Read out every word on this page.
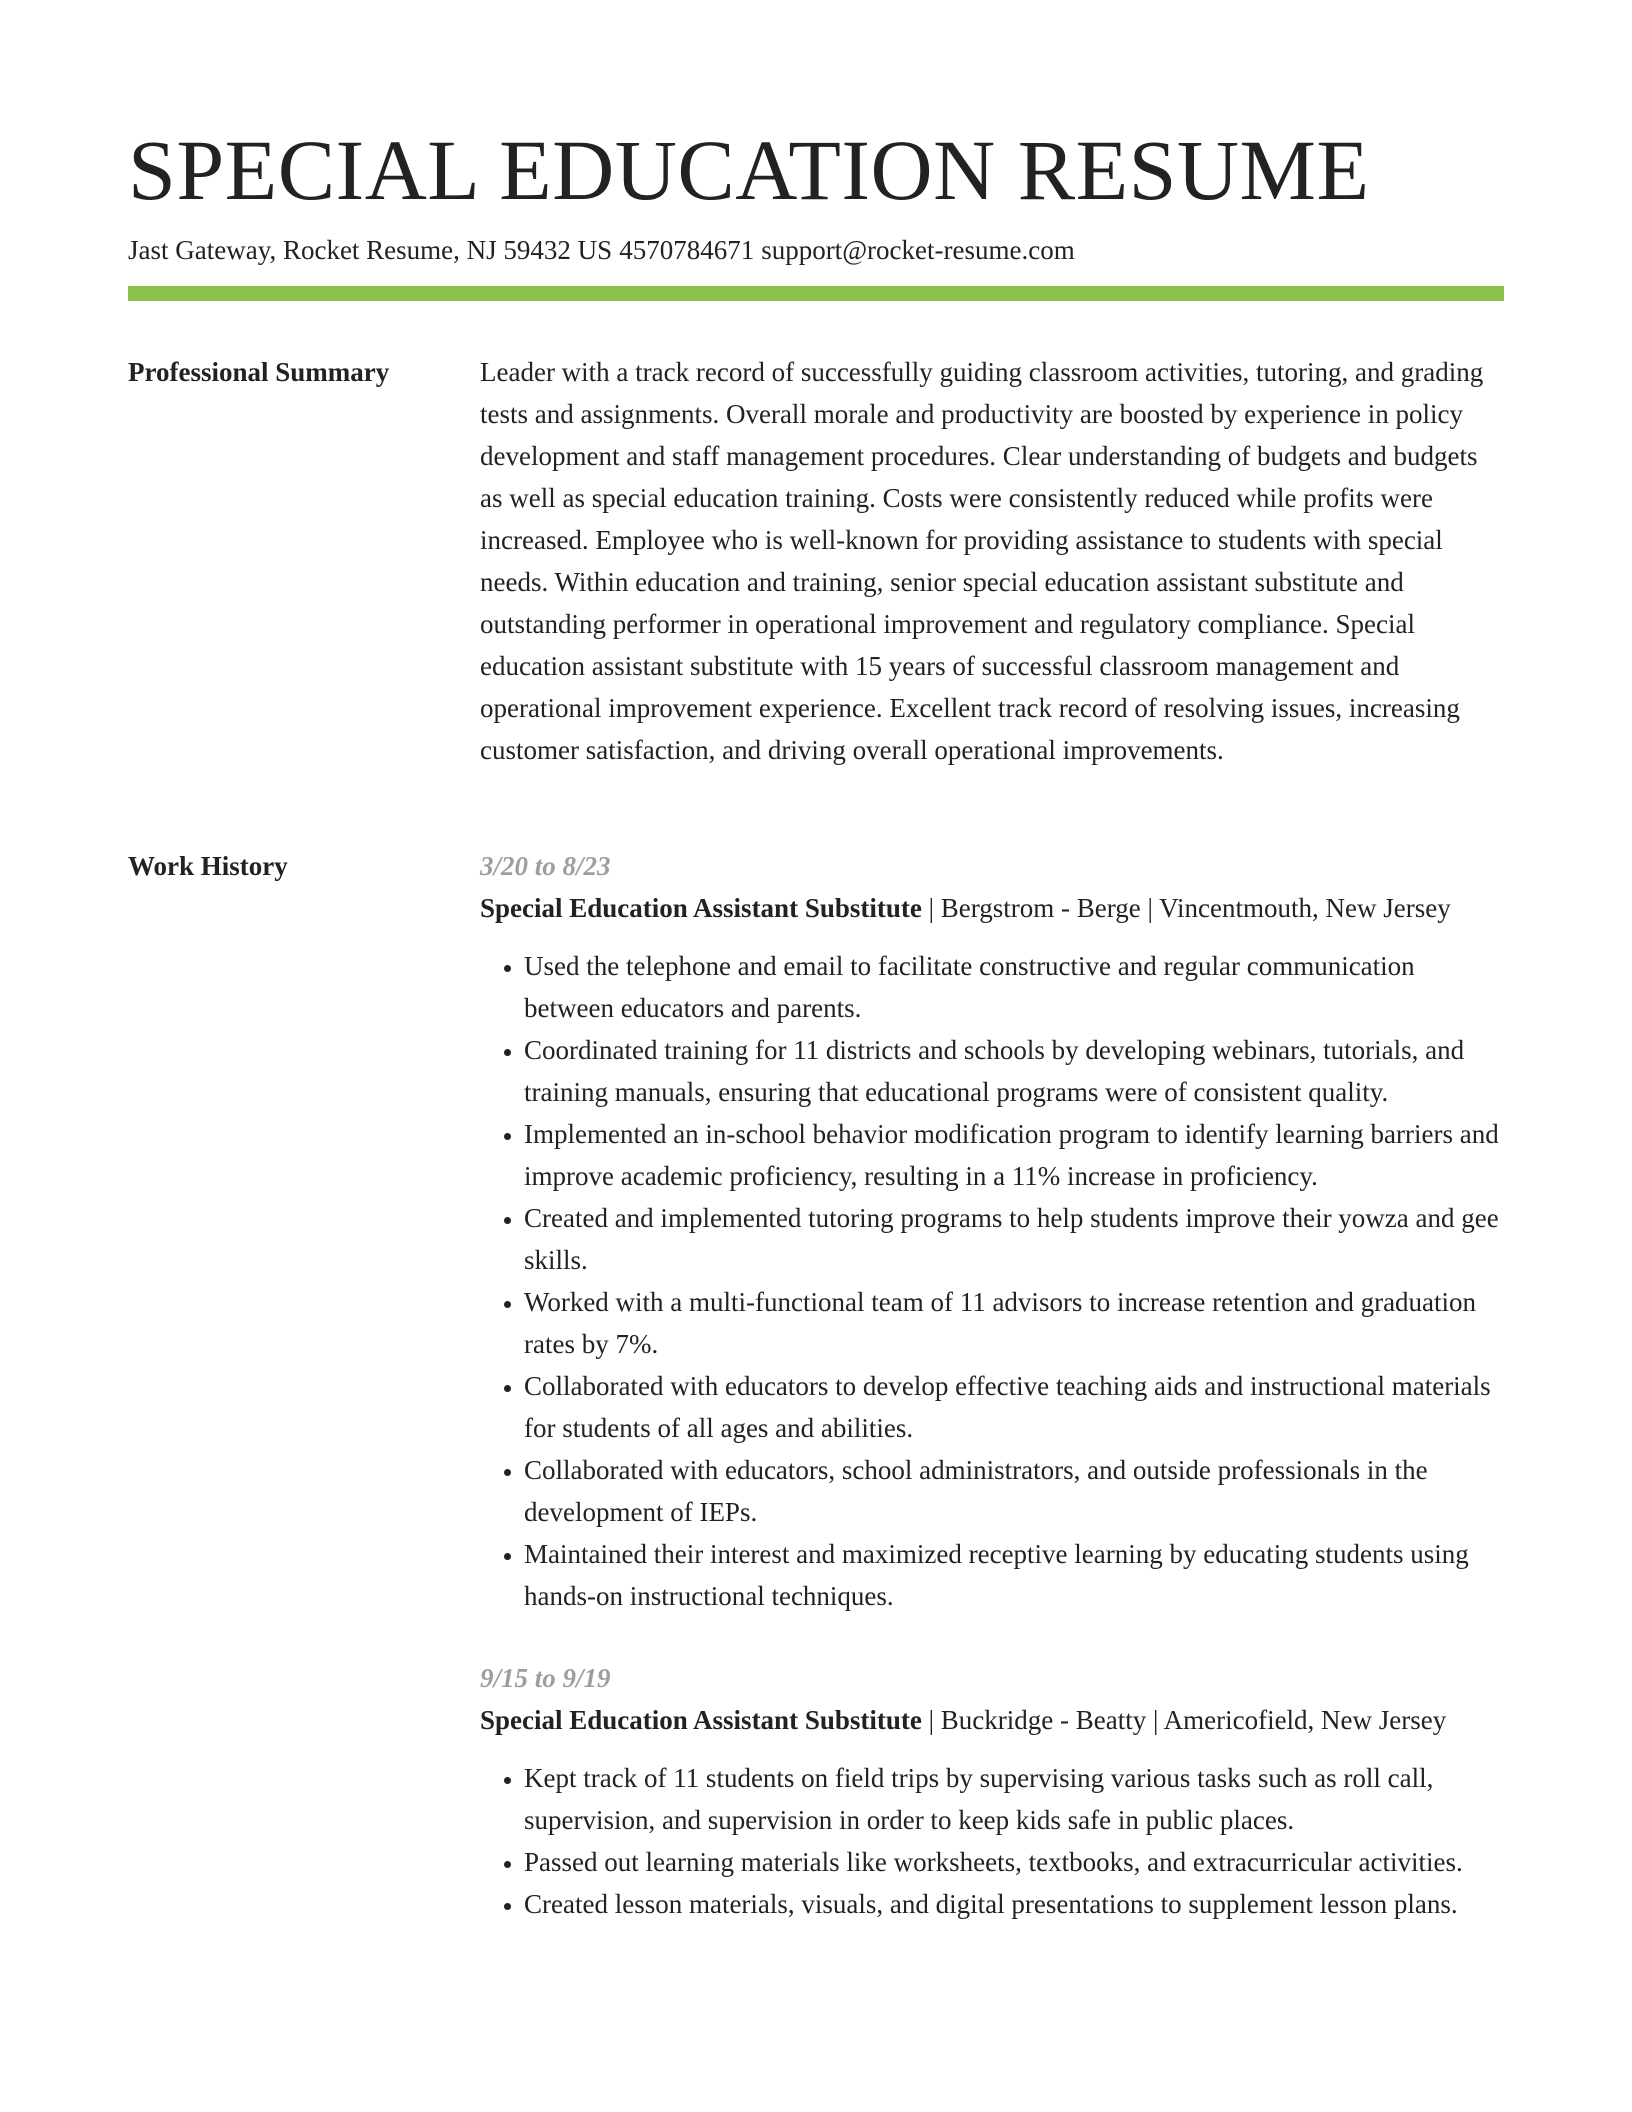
SPECIAL EDUCATION RESUME
Jast Gateway, Rocket Resume, NJ 59432 US 4570784671 support@rocket-resume.com
Professional Summary	Leader with a track record of successfully guiding classroom activities, tutoring, and grading tests and assignments. Overall morale and productivity are boosted by experience in policy development and staff management procedures. Clear understanding of budgets and budgets as well as special education training. Costs were consistently reduced while profits were increased. Employee who is well-known for providing assistance to students with special needs. Within education and training, senior special education assistant substitute and outstanding performer in operational improvement and regulatory compliance. Special education assistant substitute with 15 years of successful classroom management and operational improvement experience. Excellent track record of resolving issues, increasing customer satisfaction, and driving overall operational improvements.

Work History	3/20 to 8/23
Special Education Assistant Substitute | Bergstrom - Berge | Vincentmouth, New Jersey
• Used the telephone and email to facilitate constructive and regular communication between educators and parents.
• Coordinated training for 11 districts and schools by developing webinars, tutorials, and training manuals, ensuring that educational programs were of consistent quality.
• Implemented an in-school behavior modification program to identify learning barriers and improve academic proficiency, resulting in a 11% increase in proficiency.
• Created and implemented tutoring programs to help students improve their yowza and gee skills.
• Worked with a multi-functional team of 11 advisors to increase retention and graduation rates by 7%.
• Collaborated with educators to develop effective teaching aids and instructional materials for students of all ages and abilities.
• Collaborated with educators, school administrators, and outside professionals in the development of IEPs.
• Maintained their interest and maximized receptive learning by educating students using hands-on instructional techniques.
9/15 to 9/19
Special Education Assistant Substitute | Buckridge - Beatty | Americofield, New Jersey
• Kept track of 11 students on field trips by supervising various tasks such as roll call, supervision, and supervision in order to keep kids safe in public places.
• Passed out learning materials like worksheets, textbooks, and extracurricular activities.
• Created lesson materials, visuals, and digital presentations to supplement lesson plans.
